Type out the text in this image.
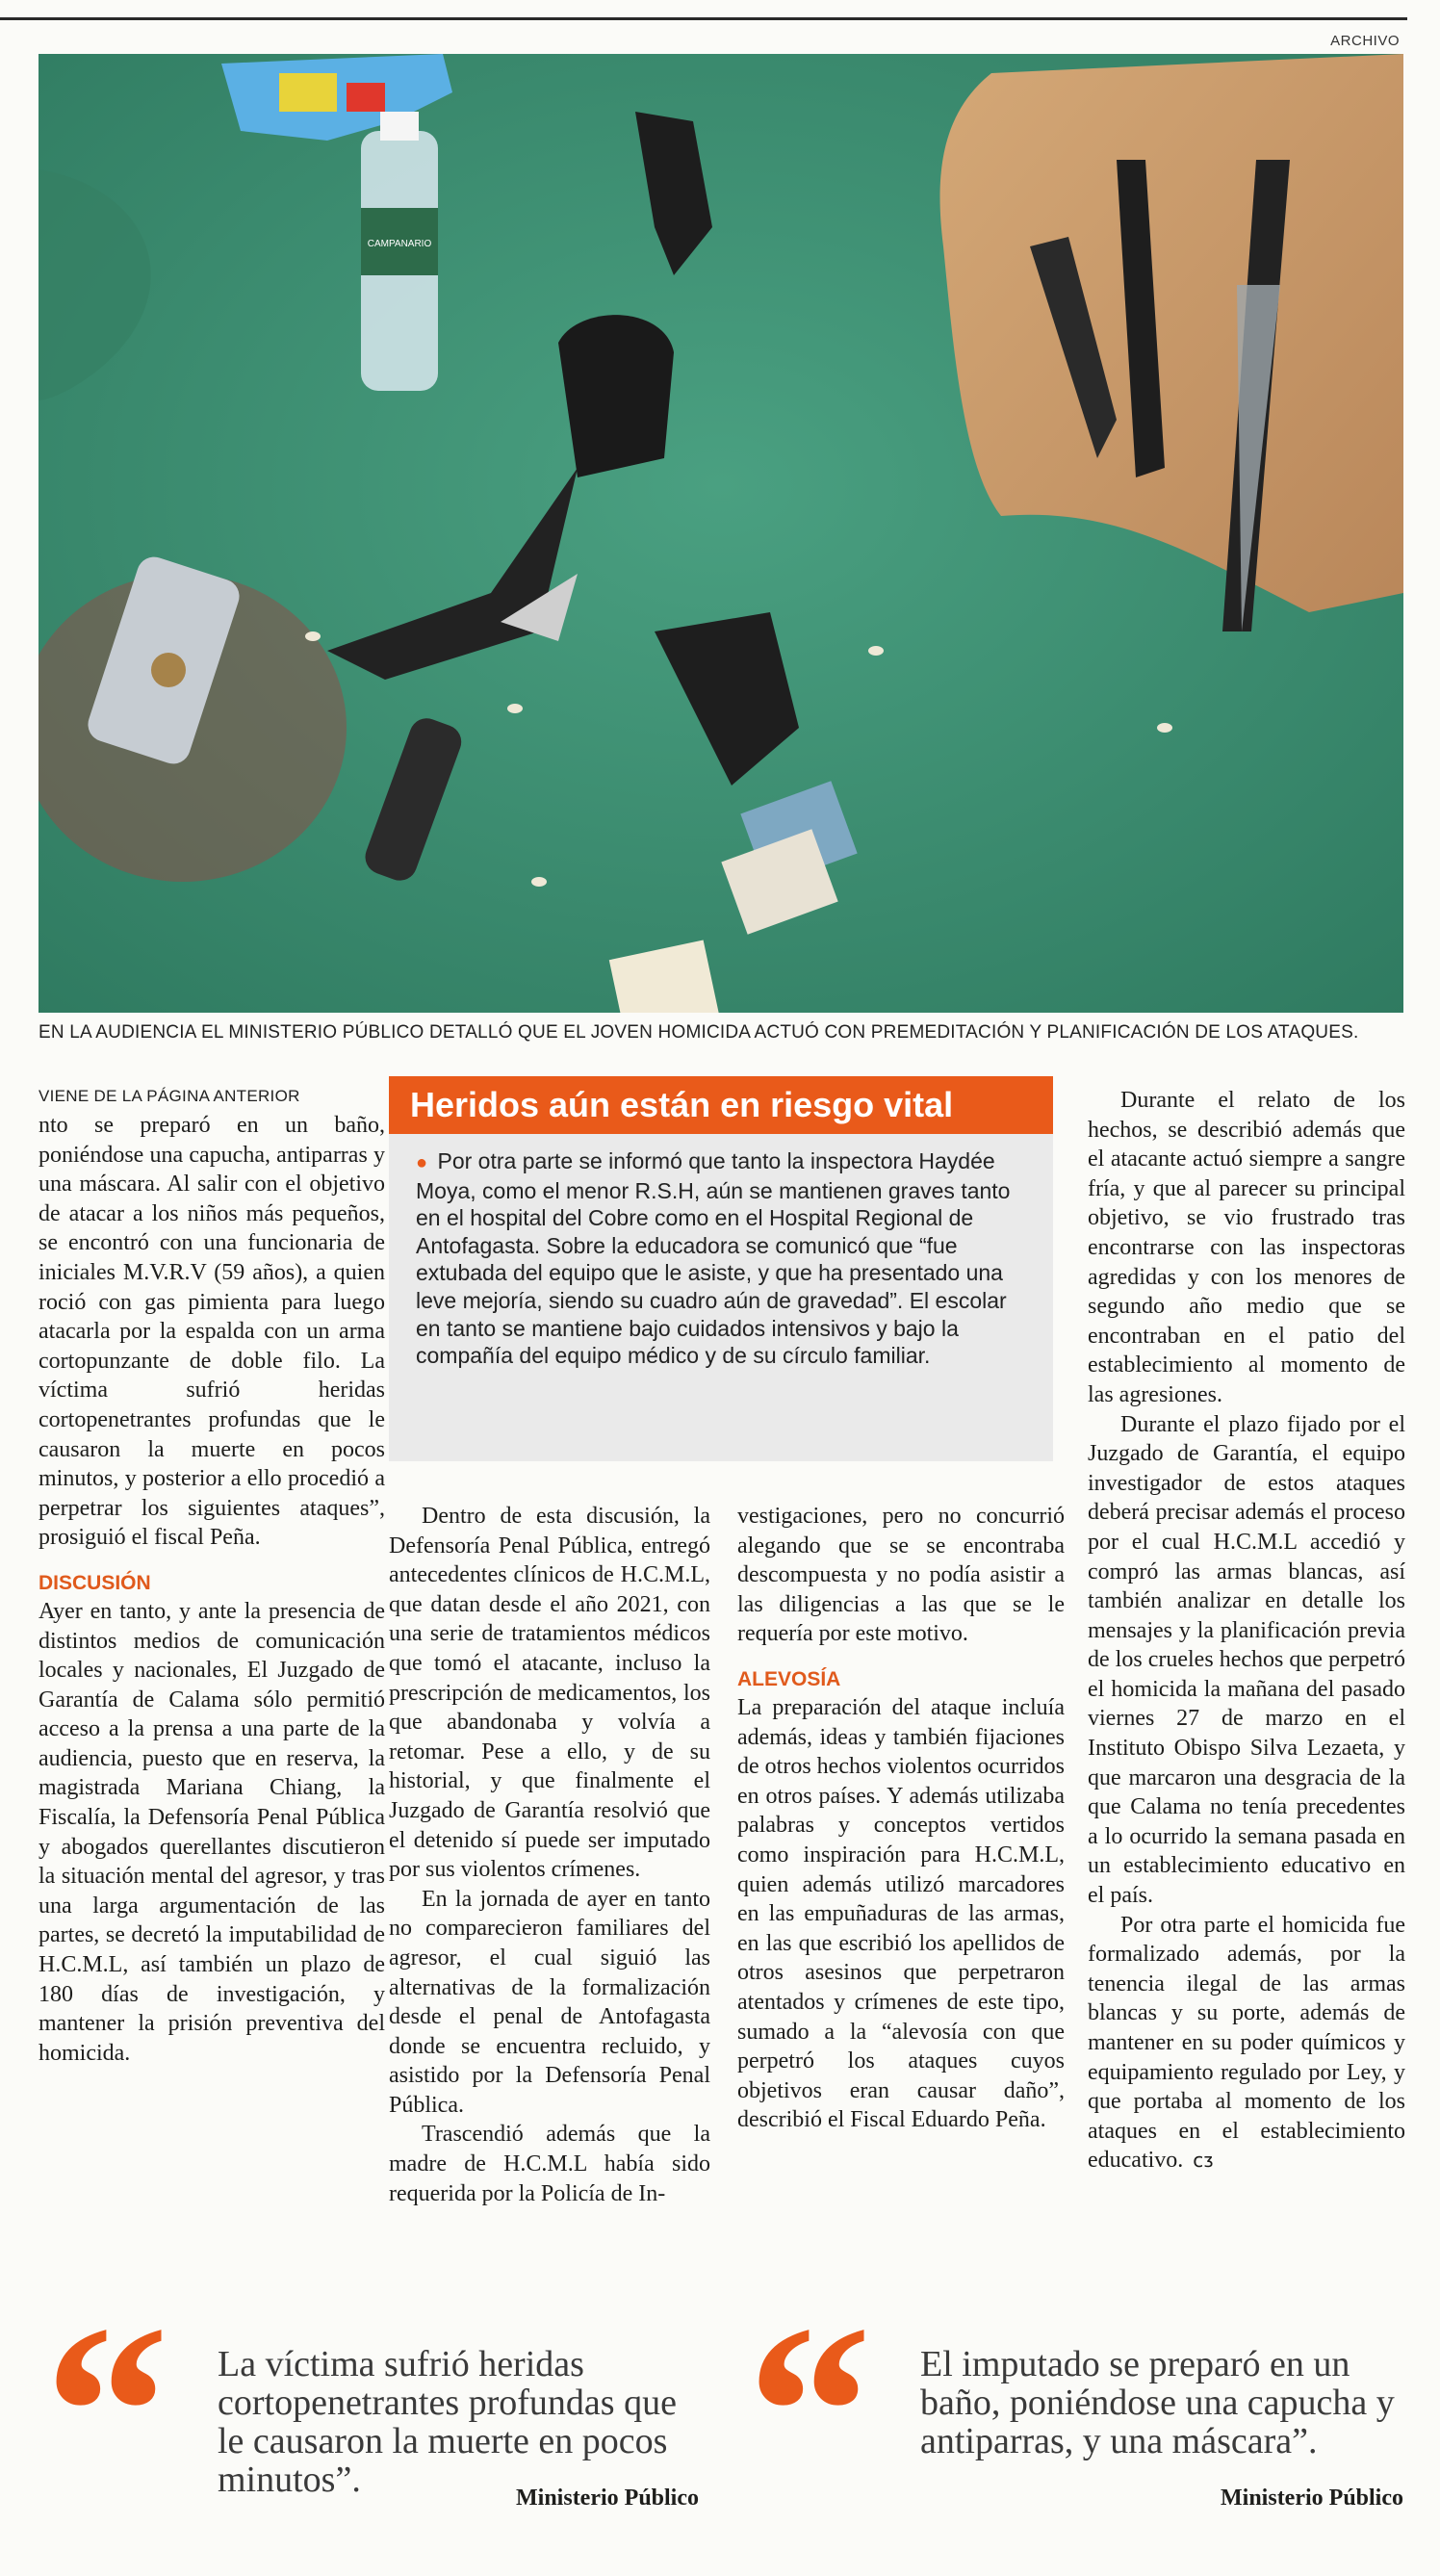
ARCHIVO
CAMPANARIO
EN LA AUDIENCIA EL MINISTERIO PÚBLICO DETALLÓ QUE EL JOVEN HOMICIDA ACTUÓ CON PREMEDITACIÓN Y PLANIFICACIÓN DE LOS ATAQUES.
VIENE DE LA PÁGINA ANTERIOR

nto se preparó en un baño, poniéndose una capucha, antiparras y una máscara. Al salir con el objetivo de atacar a los niños más pequeños, se encontró con una funcionaria de iniciales M.V.R.V (59 años), a quien roció con gas pimienta para luego atacarla por la espalda con un arma cortopunzante de doble filo. La víctima sufrió heridas cortopenetrantes profundas que le causaron la muerte en pocos minutos, y posterior a ello procedió a perpetrar los siguientes ataques”, prosiguió el fiscal Peña.

DISCUSIÓN

Ayer en tanto, y ante la presencia de distintos medios de comunicación locales y nacionales, El Juzgado de Garantía de Calama sólo permitió acceso a la prensa a una parte de la audiencia, puesto que en reserva, la magistrada Mariana Chiang, la Fiscalía, la Defensoría Penal Pública y abogados querellantes discutieron la situación mental del agresor, y tras una larga argumentación de las partes, se decretó la imputabilidad de H.C.M.L, así también un plazo de 180 días de investigación, y mantener la prisión preventiva del homicida.

Heridos aún están en riesgo vital
● Por otra parte se informó que tanto la inspectora Haydée Moya, como el menor R.S.H, aún se mantienen graves tanto en el hospital del Cobre como en el Hospital Regional de Antofagasta. Sobre la educadora se comunicó que “fue extubada del equipo que le asiste, y que ha presentado una leve mejoría, siendo su cuadro aún de gravedad”. El escolar en tanto se mantiene bajo cuidados intensivos y bajo la compañía del equipo médico y de su círculo familiar.

Dentro de esta discusión, la Defensoría Penal Pública, entregó antecedentes clínicos de H.C.M.L, que datan desde el año 2021, con una serie de tratamientos médicos que tomó el atacante, incluso la prescripción de medicamentos, los que abandonaba y volvía a retomar. Pese a ello, y de su historial, y que finalmente el Juzgado de Garantía resolvió que el detenido sí puede ser imputado por sus violentos crímenes.

En la jornada de ayer en tanto no comparecieron familiares del agresor, el cual siguió las alternativas de la formalización desde el penal de Antofagasta donde se encuentra recluido, y asistido por la Defensoría Penal Pública.

Trascendió además que la madre de H.C.M.L había sido requerida por la Policía de In-

vestigaciones, pero no concurrió alegando que se se encontraba descompuesta y no podía asistir a las diligencias a las que se le requería por este motivo.

ALEVOSÍA

La preparación del ataque incluía además, ideas y también fijaciones de otros hechos violentos ocurridos en otros países. Y además utilizaba palabras y conceptos vertidos como inspiración para H.C.M.L, quien además utilizó marcadores en las empuñaduras de las armas, en las que escribió los apellidos de otros asesinos que perpetraron atentados y crímenes de este tipo, sumado a la “alevosía con que perpetró los ataques cuyos objetivos eran causar daño”, describió el Fiscal Eduardo Peña.

Durante el relato de los hechos, se describió además que el atacante actuó siempre a sangre fría, y que al parecer su principal objetivo, se vio frustrado tras encontrarse con las inspectoras agredidas y con los menores de segundo año medio que se encontraban en el patio del establecimiento al momento de las agresiones.

Durante el plazo fijado por el Juzgado de Garantía, el equipo investigador de estos ataques deberá precisar además el proceso por el cual H.C.M.L accedió y compró las armas blancas, así también analizar en detalle los mensajes y la planificación previa de los crueles hechos que perpetró el homicida la mañana del pasado viernes 27 de marzo en el Instituto Obispo Silva Lezaeta, y que marcaron una desgracia de la que Calama no tenía precedentes a lo ocurrido la semana pasada en un establecimiento educativo en el país.

Por otra parte el homicida fue formalizado además, por la tenencia ilegal de las armas blancas y su porte, además de mantener en su poder químicos y equipamiento regulado por Ley, y que portaba al momento de los ataques en el establecimiento educativo. ᴄᴣ

“ La víctima sufrió heridas cortopenetrantes profundas que le causaron la muerte en pocos minutos”.	Ministerio Público “ El imputado se preparó en un baño, poniéndose una capucha y antiparras, y una máscara”.
Ministerio Público
